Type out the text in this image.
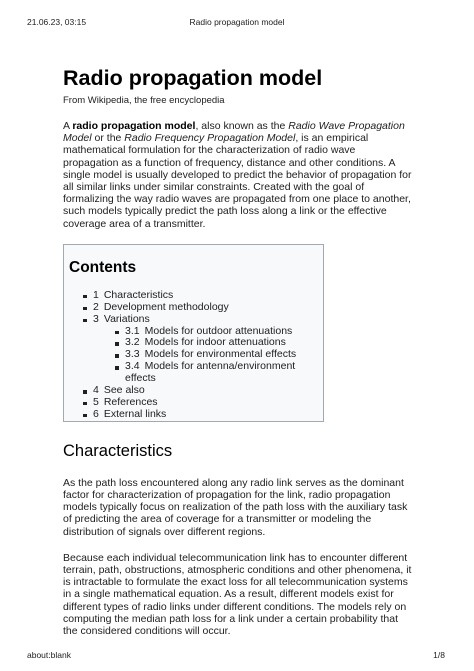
21.06.23, 03:15	Radio propagation model
Radio propagation model
From Wikipedia, the free encyclopedia

A radio propagation model, also known as the Radio Wave Propagation Model or the Radio Frequency Propagation Model, is an empirical mathematical formulation for the characterization of radio wave propagation as a function of frequency, distance and other conditions. A single model is usually developed to predict the behavior of propagation for all similar links under similar constraints. Created with the goal of formalizing the way radio waves are propagated from one place to another, such models typically predict the path loss along a link or the effective coverage area of a transmitter.

Contents
1 Characteristics
2 Development methodology
3 Variations
3.1 Models for outdoor attenuations
3.2 Models for indoor attenuations
3.3 Models for environmental effects
3.4 Models for antenna/environment effects
4 See also
5 References
6 External links
Characteristics

As the path loss encountered along any radio link serves as the dominant factor for characterization of propagation for the link, radio propagation models typically focus on realization of the path loss with the auxiliary task of predicting the area of coverage for a transmitter or modeling the distribution of signals over different regions.

Because each individual telecommunication link has to encounter different terrain, path, obstructions, atmospheric conditions and other phenomena, it is intractable to formulate the exact loss for all telecommunication systems in a single mathematical equation. As a result, different models exist for different types of radio links under different conditions. The models rely on computing the median path loss for a link under a certain probability that the considered conditions will occur.

about:blank	1/8
